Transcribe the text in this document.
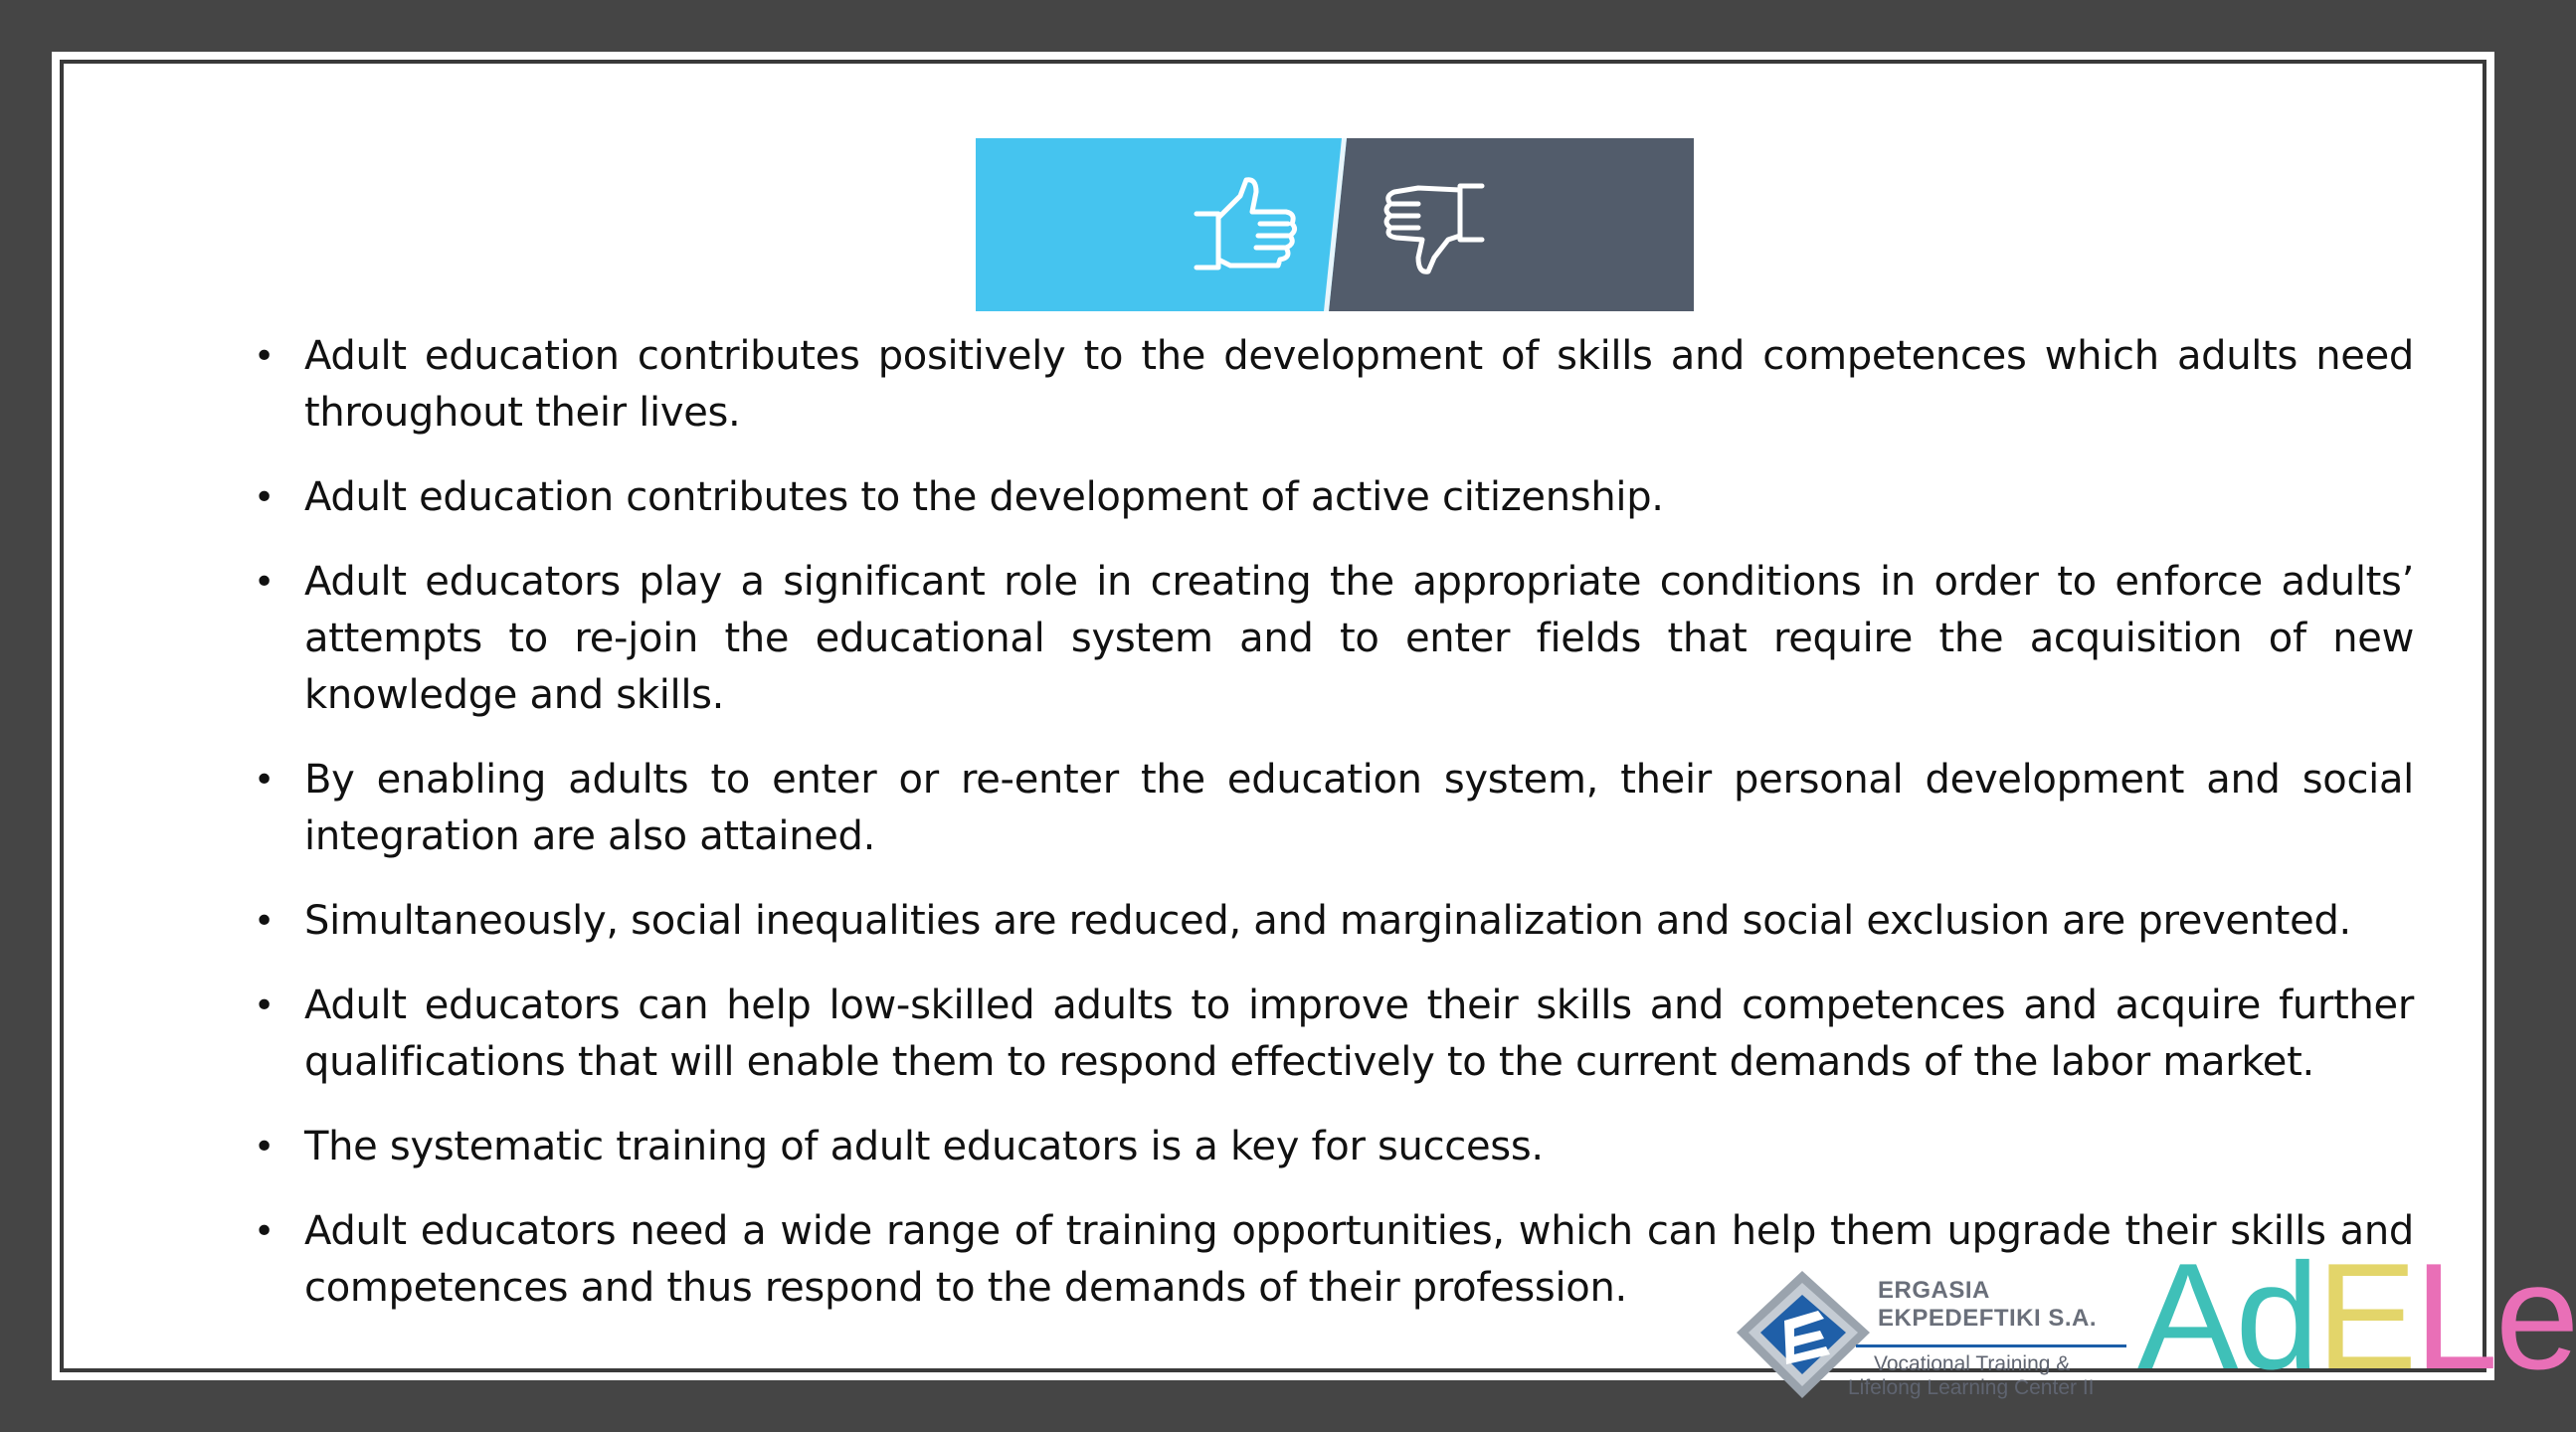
• Adult education contributes positively to the development of skills and competences which adults need throughout their lives.
• Adult education contributes to the development of active citizenship.
• Adult educators play a significant role in creating the appropriate conditions in order to enforce adults’ attempts to re-join the educational system and to enter fields that require the acquisition of new knowledge and skills.
• By enabling adults to enter or re-enter the education system, their personal development and social integration are also attained.
• Simultaneously, social inequalities are reduced, and marginalization and social exclusion are prevented.
• Adult educators can help low-skilled adults to improve their skills and competences and acquire further qualifications that will enable them to respond effectively to the current demands of the labor market.
• The systematic training of adult educators is a key for success.
• Adult educators need a wide range of training opportunities, which can help them upgrade their skills and competences and thus respond to the demands of their profession.	ERGASIA
EKPEDEFTIKI S.A.
Vocational Training &
Lifelong Learning Center II AdELe
